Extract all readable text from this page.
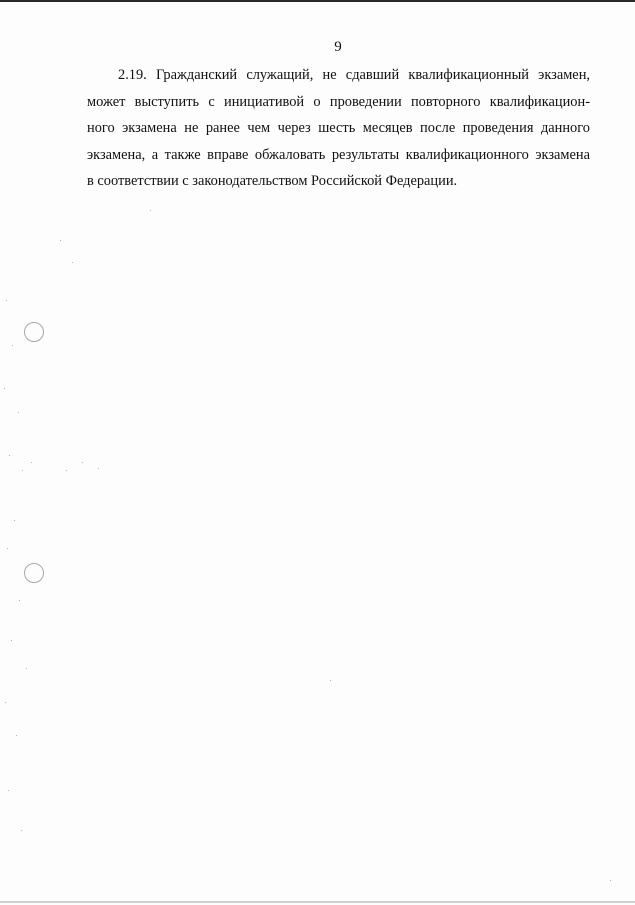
9
2.19. Гражданский служащий, не сдавший квалификационный экзамен,
может выступить с инициативой о проведении повторного квалификацион-
ного экзамена не ранее чем через шесть месяцев после проведения данного
экзамена, а также вправе обжаловать результаты квалификационного экзамена
в соответствии с законодательством Российской Федерации.
